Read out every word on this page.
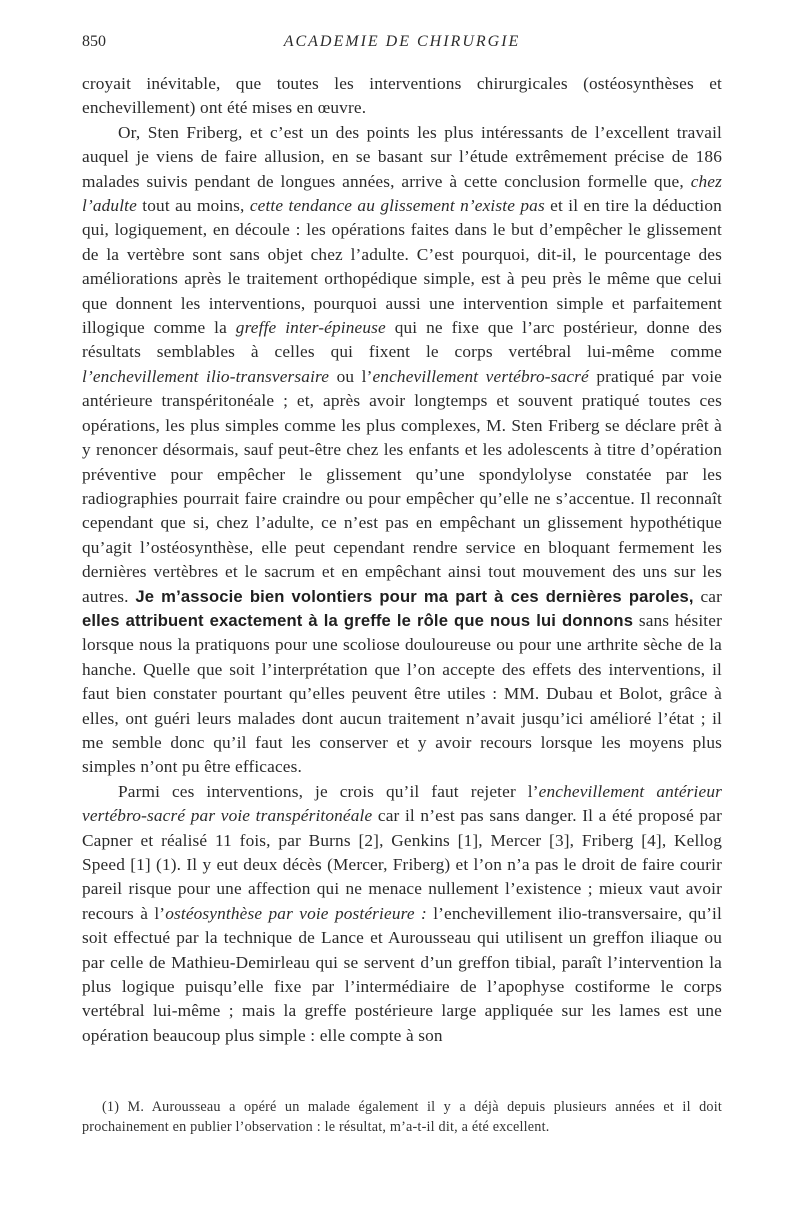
850	ACADEMIE DE CHIRURGIE

croyait inévitable, que toutes les interventions chirurgicales (ostéosynthèses et enchevillement) ont été mises en œuvre.

Or, Sten Friberg, et c’est un des points les plus intéressants de l’excellent travail auquel je viens de faire allusion, en se basant sur l’étude extrêmement précise de 186 malades suivis pendant de longues années, arrive à cette conclusion formelle que, chez l’adulte tout au moins, cette tendance au glissement n’existe pas et il en tire la déduction qui, logiquement, en découle : les opérations faites dans le but d’empêcher le glissement de la vertèbre sont sans objet chez l’adulte. C’est pourquoi, dit-il, le pourcentage des améliorations après le traitement orthopédique simple, est à peu près le même que celui que donnent les interventions, pourquoi aussi une intervention simple et parfaitement illogique comme la greffe inter-épineuse qui ne fixe que l’arc postérieur, donne des résultats semblables à celles qui fixent le corps vertébral lui-même comme l’enchevillement ilio-transversaire ou l’enchevillement vertébro-sacré pratiqué par voie antérieure transpéritonéale ; et, après avoir longtemps et souvent pratiqué toutes ces opérations, les plus simples comme les plus complexes, M. Sten Friberg se déclare prêt à y renoncer désormais, sauf peut-être chez les enfants et les adolescents à titre d’opération préventive pour empêcher le glissement qu’une spondylolyse constatée par les radiographies pourrait faire craindre ou pour empêcher qu’elle ne s’accentue. Il reconnaît cependant que si, chez l’adulte, ce n’est pas en empêchant un glissement hypothétique qu’agit l’ostéosynthèse, elle peut cependant rendre service en bloquant fermement les dernières vertèbres et le sacrum et en empêchant ainsi tout mouvement des uns sur les autres. Je m’associe bien volontiers pour ma part à ces dernières paroles, car elles attribuent exactement à la greffe le rôle que nous lui donnons sans hésiter lorsque nous la pratiquons pour une scoliose douloureuse ou pour une arthrite sèche de la hanche. Quelle que soit l’interprétation que l’on accepte des effets des interventions, il faut bien constater pourtant qu’elles peuvent être utiles : MM. Dubau et Bolot, grâce à elles, ont guéri leurs malades dont aucun traitement n’avait jusqu’ici amélioré l’état ; il me semble donc qu’il faut les conserver et y avoir recours lorsque les moyens plus simples n’ont pu être efficaces.

Parmi ces interventions, je crois qu’il faut rejeter l’enchevillement antérieur vertébro-sacré par voie transpéritonéale car il n’est pas sans danger. Il a été proposé par Capner et réalisé 11 fois, par Burns [2], Genkins [1], Mercer [3], Friberg [4], Kellog Speed [1] (1). Il y eut deux décès (Mercer, Friberg) et l’on n’a pas le droit de faire courir pareil risque pour une affection qui ne menace nullement l’existence ; mieux vaut avoir recours à l’ostéosynthèse par voie postérieure : l’enchevillement ilio-transversaire, qu’il soit effectué par la technique de Lance et Aurousseau qui utilisent un greffon iliaque ou par celle de Mathieu-Demirleau qui se servent d’un greffon tibial, paraît l’intervention la plus logique puisqu’elle fixe par l’intermédiaire de l’apophyse costiforme le corps vertébral lui-même ; mais la greffe postérieure large appliquée sur les lames est une opération beaucoup plus simple : elle compte à son

(1) M. Aurousseau a opéré un malade également il y a déjà depuis plusieurs années et il doit prochainement en publier l’observation : le résultat, m’a-t-il dit, a été excellent.
